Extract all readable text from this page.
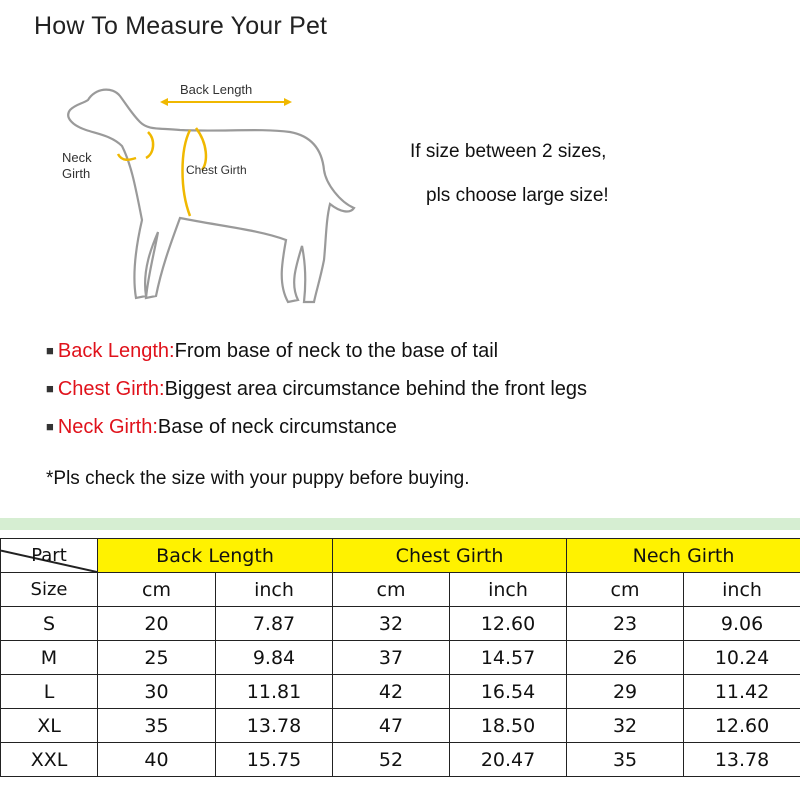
How To Measure Your Pet
Back Length
Neck
Girth	Chest Girth
If size between 2 sizes,
pls choose large size!
■ Back Length:From base of neck to the base of tail
■ Chest Girth:Biggest area circumstance behind the front legs
■ Neck Girth:Base of neck circumstance
*Pls check the size with your puppy before buying.
Part	Back Length		Chest Girth		Nech Girth	
Size	cm	inch	cm	inch	cm	inch
S	20	7.87	32	12.60	23	9.06
M	25	9.84	37	14.57	26	10.24
L	30	11.81	42	16.54	29	11.42
XL	35	13.78	47	18.50	32	12.60
XXL	40	15.75	52	20.47	35	13.78
